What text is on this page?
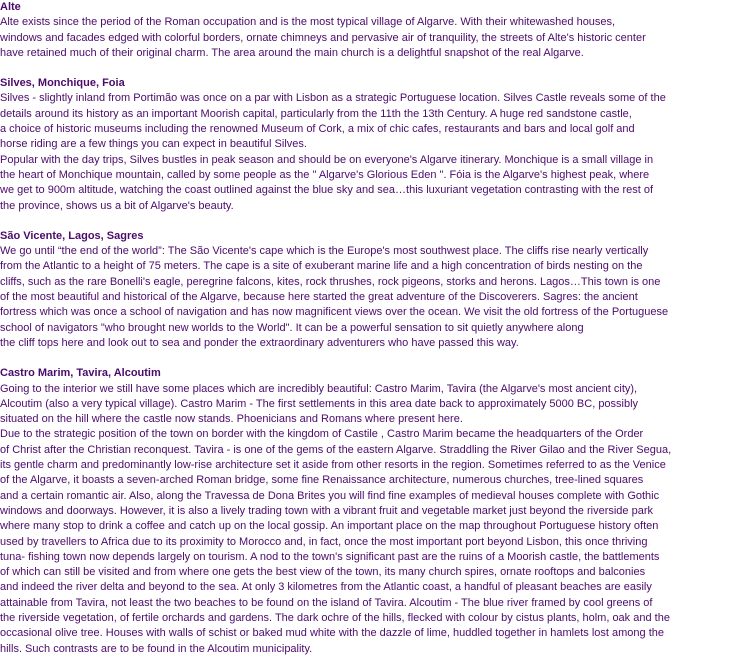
Alte
Alte exists since the period of the Roman occupation and is the most typical village of Algarve. With their whitewashed houses,
windows and facades edged with colorful borders, ornate chimneys and pervasive air of tranquility, the streets of Alte's historic center
have retained much of their original charm. The area around the main church is a delightful snapshot of the real Algarve.
Silves, Monchique, Foia
Silves - slightly inland from Portimão was once on a par with Lisbon as a strategic Portuguese location. Silves Castle reveals some of the
details around its history as an important Moorish capital, particularly from the 11th the 13th Century. A huge red sandstone castle,
a choice of historic museums including the renowned Museum of Cork, a mix of chic cafes, restaurants and bars and local golf and
horse riding are a few things you can expect in beautiful Silves.
Popular with the day trips, Silves bustles in peak season and should be on everyone's Algarve itinerary. Monchique is a small village in
the heart of Monchique mountain, called by some people as the " Algarve's Glorious Eden ". Fóia is the Algarve's highest peak, where
we get to 900m altitude, watching the coast outlined against the blue sky and sea…this luxuriant vegetation contrasting with the rest of
the province, shows us a bit of Algarve's beauty.
São Vicente, Lagos, Sagres
We go until “the end of the world”: The São Vicente's cape which is the Europe's most southwest place. The cliffs rise nearly vertically
from the Atlantic to a height of 75 meters. The cape is a site of exuberant marine life and a high concentration of birds nesting on the
cliffs, such as the rare Bonelli's eagle, peregrine falcons, kites, rock thrushes, rock pigeons, storks and herons. Lagos…This town is one
of the most beautiful and historical of the Algarve, because here started the great adventure of the Discoverers. Sagres: the ancient
fortress which was once a school of navigation and has now magnificent views over the ocean. We visit the old fortress of the Portuguese
school of navigators "who brought new worlds to the World". It can be a powerful sensation to sit quietly anywhere along
the cliff tops here and look out to sea and ponder the extraordinary adventurers who have passed this way.
Castro Marim, Tavira, Alcoutim
Going to the interior we still have some places which are incredibly beautiful: Castro Marim, Tavira (the Algarve's most ancient city),
Alcoutim (also a very typical village). Castro Marim - The first settlements in this area date back to approximately 5000 BC, possibly
situated on the hill where the castle now stands. Phoenicians and Romans where present here.
Due to the strategic position of the town on border with the kingdom of Castile , Castro Marim became the headquarters of the Order
of Christ after the Christian reconquest. Tavira - is one of the gems of the eastern Algarve. Straddling the River Gilao and the River Segua,
its gentle charm and predominantly low-rise architecture set it aside from other resorts in the region. Sometimes referred to as the Venice
of the Algarve, it boasts a seven-arched Roman bridge, some fine Renaissance architecture, numerous churches, tree-lined squares
and a certain romantic air. Also, along the Travessa de Dona Brites you will find fine examples of medieval houses complete with Gothic
windows and doorways. However, it is also a lively trading town with a vibrant fruit and vegetable market just beyond the riverside park
where many stop to drink a coffee and catch up on the local gossip. An important place on the map throughout Portuguese history often
used by travellers to Africa due to its proximity to Morocco and, in fact, once the most important port beyond Lisbon, this once thriving
tuna- fishing town now depends largely on tourism. A nod to the town's significant past are the ruins of a Moorish castle, the battlements
of which can still be visited and from where one gets the best view of the town, its many church spires, ornate rooftops and balconies
and indeed the river delta and beyond to the sea. At only 3 kilometres from the Atlantic coast, a handful of pleasant beaches are easily
attainable from Tavira, not least the two beaches to be found on the island of Tavira. Alcoutim - The blue river framed by cool greens of
the riverside vegetation, of fertile orchards and gardens. The dark ochre of the hills, flecked with colour by cistus plants, holm, oak and the
occasional olive tree. Houses with walls of schist or baked mud white with the dazzle of lime, huddled together in hamlets lost among the
hills. Such contrasts are to be found in the Alcoutim municipality.
